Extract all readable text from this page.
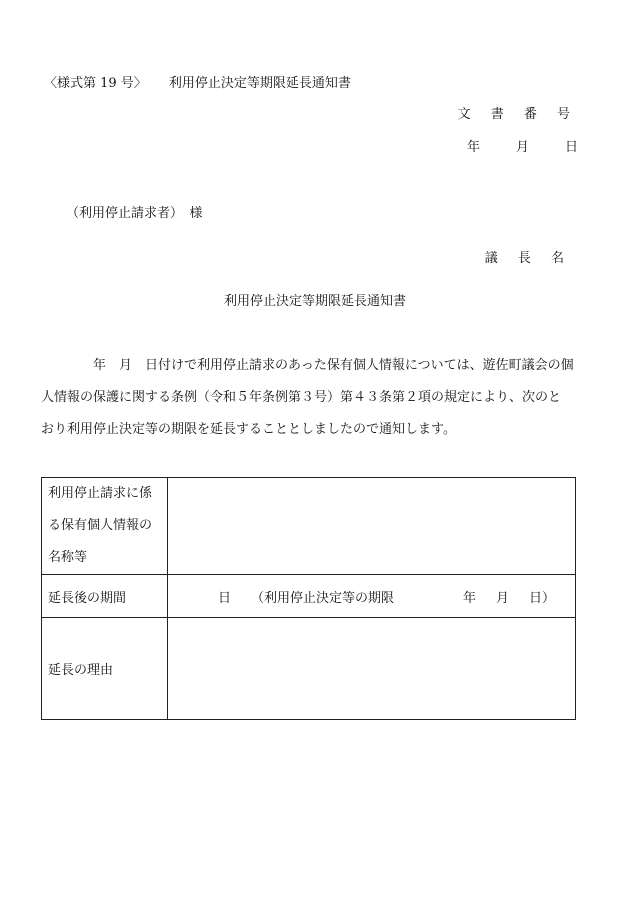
〈様式第 19 号〉 利用停止決定等期限延長通知書
文 書 番 号
年	月	日
（利用停止請求者）　様
議 長 名
利用停止決定等期限延長通知書

年　月　日付けで利用停止請求のあった保有個人情報については、遊佐町議会の個

人情報の保護に関する条例（令和５年条例第３号）第４３条第２項の規定により、次のと

おり利用停止決定等の期限を延長することとしましたので通知します。

利用停止請求に係
る保有個人情報の
名称等	

延長後の期間	日 （利用停止決定等の期限 年 月 日）

延長の理由	
